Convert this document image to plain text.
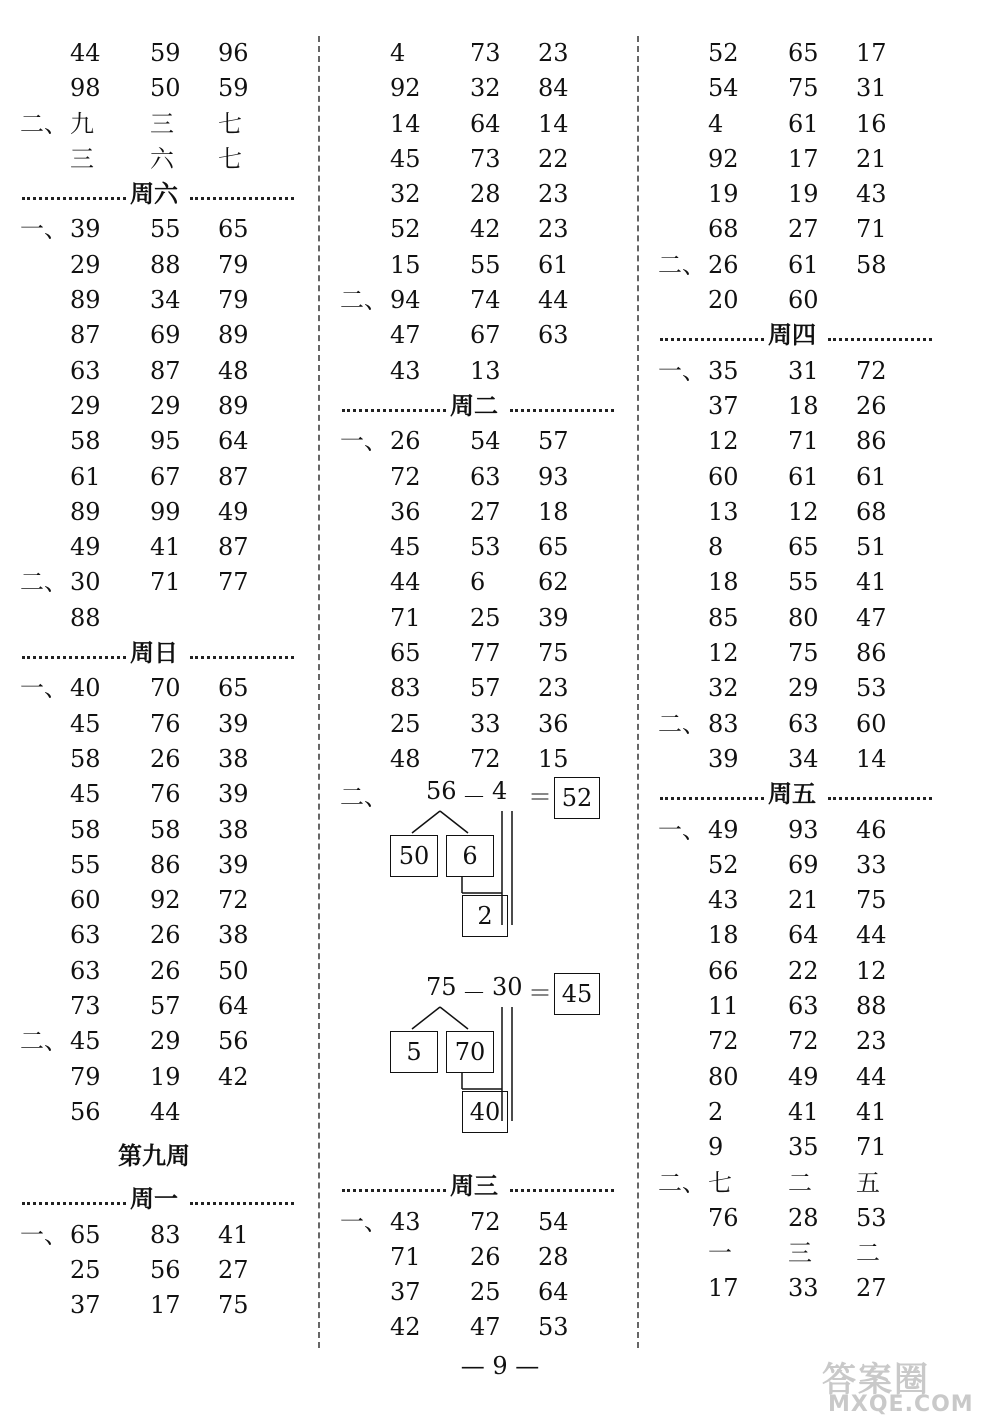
44 59 96
98 50 59
二、 九 三 七
三 六 七
周六
一、 39 55 65
29 88 79
89 34 79
87 69 89
63 87 48
29 29 89
58 95 64
61 67 87
89 99 49
49 41 87
二、 30 71 77
88
周日
一、 40 70 65
45 76 39
58 26 38
45 76 39
58 58 38
55 86 39
60 92 72
63 26 38
63 26 50
73 57 64
二、 45 29 56
79 19 42
56 44
第九周
周一
一、 65 83 41
25 56 27
37 17 75
4	73 23
92 32 84
14 64 14
45 73 22
32 28 23
52 42 23
15 55 61
二、 94 74 44
47 67 63
43 13
周二
一、 26 54 57
72 63 93
36 27 18
45 53 65
44 6 62
71 25 39
65 77 75
83 57 23
25 33 36
48 72 15
二、 56 － 4 ＝ 52
50	6
2
75 － 30 ＝ 45
5	70
40
周三
一、 43 72 54
71 26 28
37 25 64
42 47 53
52 65 17
54 75 31
4	61 16
92 17 21
19 19 43
68 27 71
二、 26 61 58
20 60
周四
一、 35 31 72
37 18 26
12 71 86
60 61 61
13 12 68
8	65 51
18 55 41
85 80 47
12 75 86
32 29 53
二、 83 63 60
39 34 14
周五
一、 49 93 46
52 69 33
43 21 75
18 64 44
66 22 12
11 63 88
72 72 23
80 49 44
2	41 41
9	35 71
二、 七 二 五
76 28 53
一 三 二
17 33 27
— 9 —	答案圈
MXQE.COM
